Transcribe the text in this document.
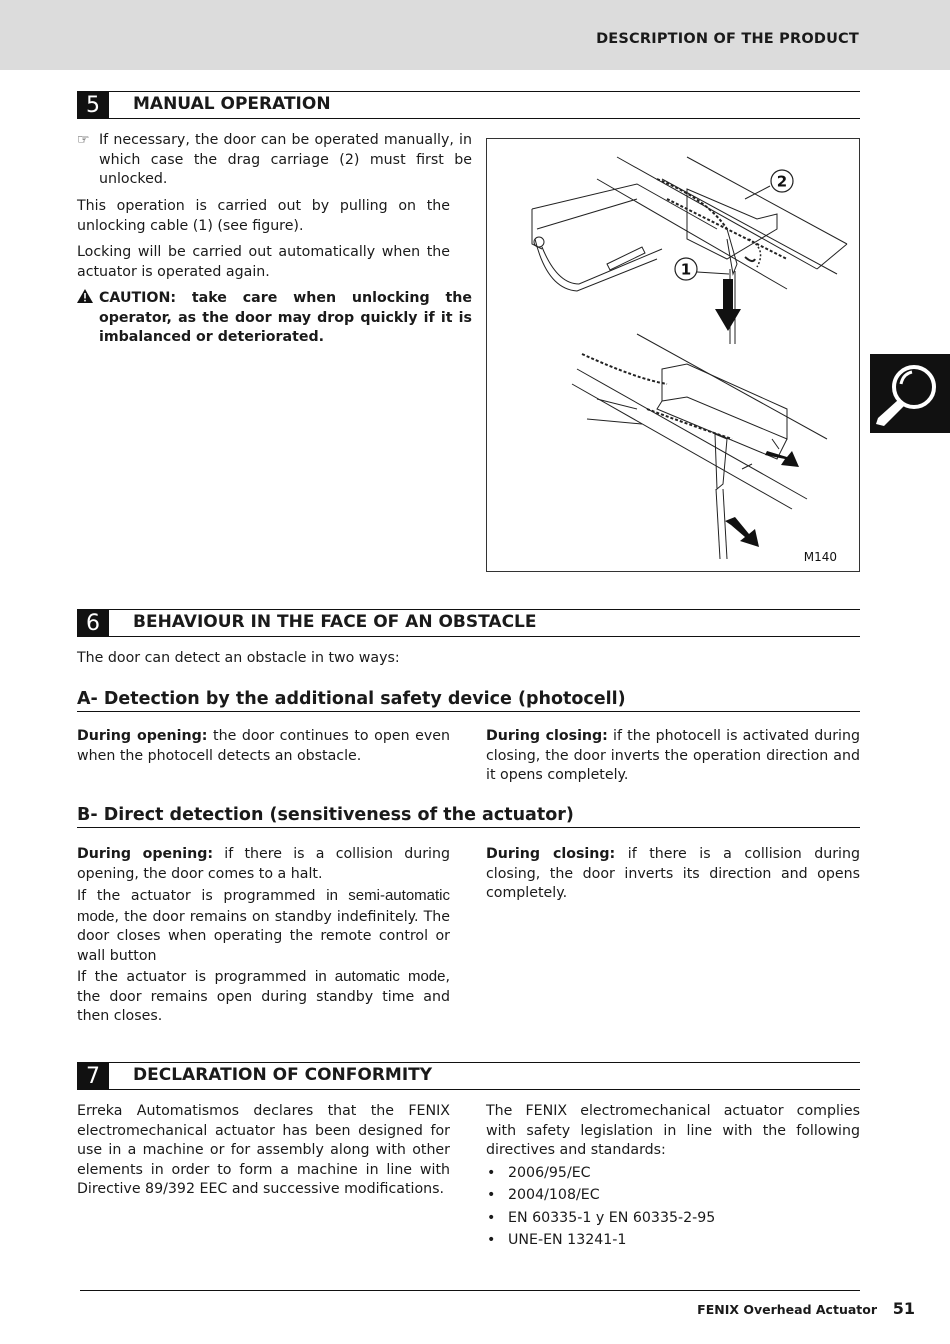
DESCRIPTION OF THE PRODUCT
5	MANUAL OPERATION

☞ If necessary, the door can be operated manually, in which case the drag carriage (2) must first be unlocked.

This operation is carried out by pulling on the unlocking cable (1) (see figure).

Locking will be carried out automatically when the actuator is operated again.

CAUTION: take care when unlocking the operator, as the door may drop quickly if it is imbalanced or deteriorated.

2
1
M140
6	BEHAVIOUR IN THE FACE OF AN OBSTACLE

The door can detect an obstacle in two ways:

A- Detection by the additional safety device (photocell)

During opening: the door continues to open even when the photocell detects an obstacle.

During closing: if the photocell is activated during closing, the door inverts the operation direction and it opens completely.

B- Direct detection (sensitiveness of the actuator)

During opening: if there is a collision during opening, the door comes to a halt.

If the actuator is programmed in semi-automatic mode, the door remains on standby indefinitely. The door closes when operating the remote control or wall button

If the actuator is programmed in automatic mode, the door remains open during standby time and then closes.

During closing: if there is a collision during closing, the door inverts its direction and opens completely.

7	DECLARATION OF CONFORMITY

Erreka Automatismos declares that the FENIX electromechanical actuator has been designed for use in a machine or for assembly along with other elements in order to form a machine in line with Directive 89/392 EEC and successive modifications.

The FENIX electromechanical actuator complies with safety legislation in line with the following directives and standards:

• 2006/95/EC
• 2004/108/EC
• EN 60335-1 y EN 60335-2-95
• UNE-EN 13241-1
FENIX Overhead Actuator 51
